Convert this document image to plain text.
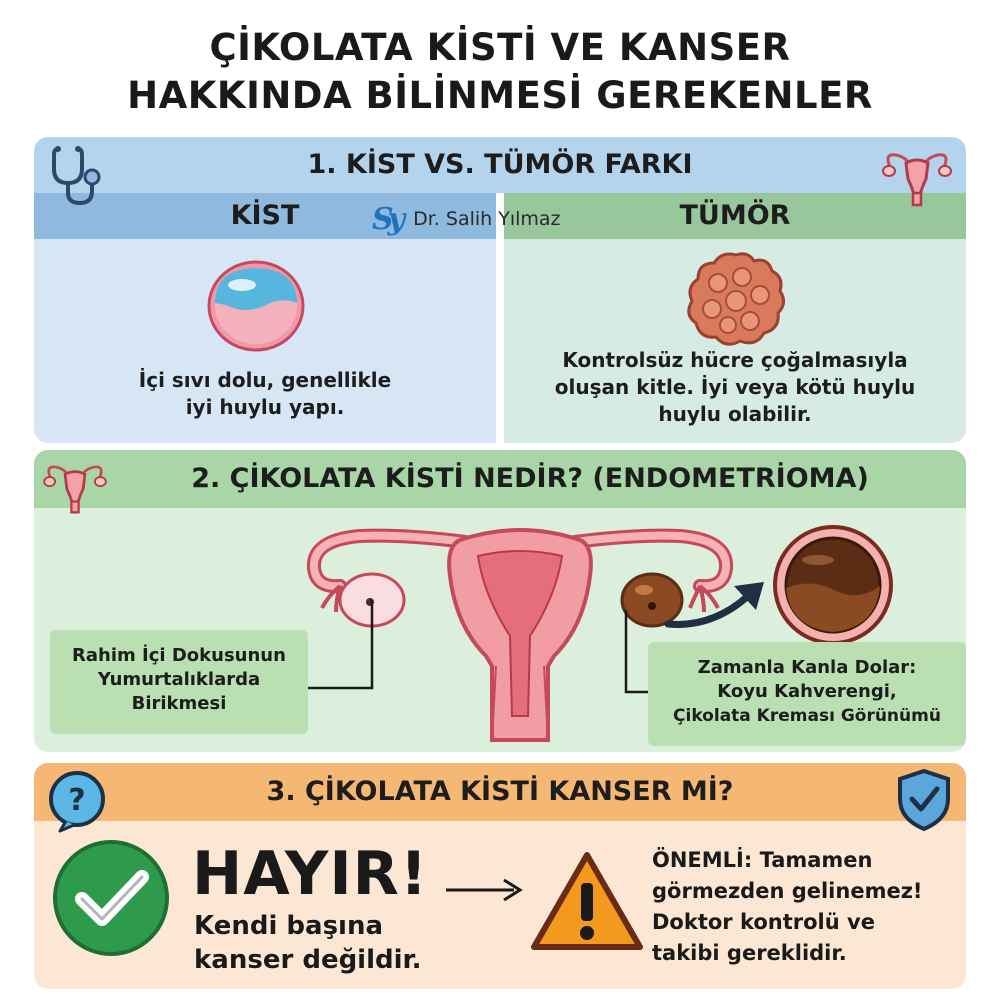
ÇİKOLATA KİSTİ VE KANSER
HAKKINDA BİLİNMESİ GEREKENLER
1. KİST VS. TÜMÖR FARKI
KİST	TÜMÖR
İçi sıvı dolu, genellikle
iyi huylu yapı.
Kontrolsüz hücre çoğalmasıyla
oluşan kitle. İyi veya kötü huylu
huylu olabilir.
Sy Dr. Salih Yılmaz
2. ÇİKOLATA KİSTİ NEDİR? (ENDOMETRİOMA)
Rahim İçi Dokusunun
Yumurtalıklarda
Birikmesi
Zamanla Kanla Dolar:
Koyu Kahverengi,
Çikolata Kreması Görünümü
3. ÇİKOLATA KİSTİ KANSER Mİ?
?
HAYIR!
Kendi başına
kanser değildir.
ÖNEMLİ: Tamamen
görmezden gelinemez!
Doktor kontrolü ve
takibi gereklidir.
